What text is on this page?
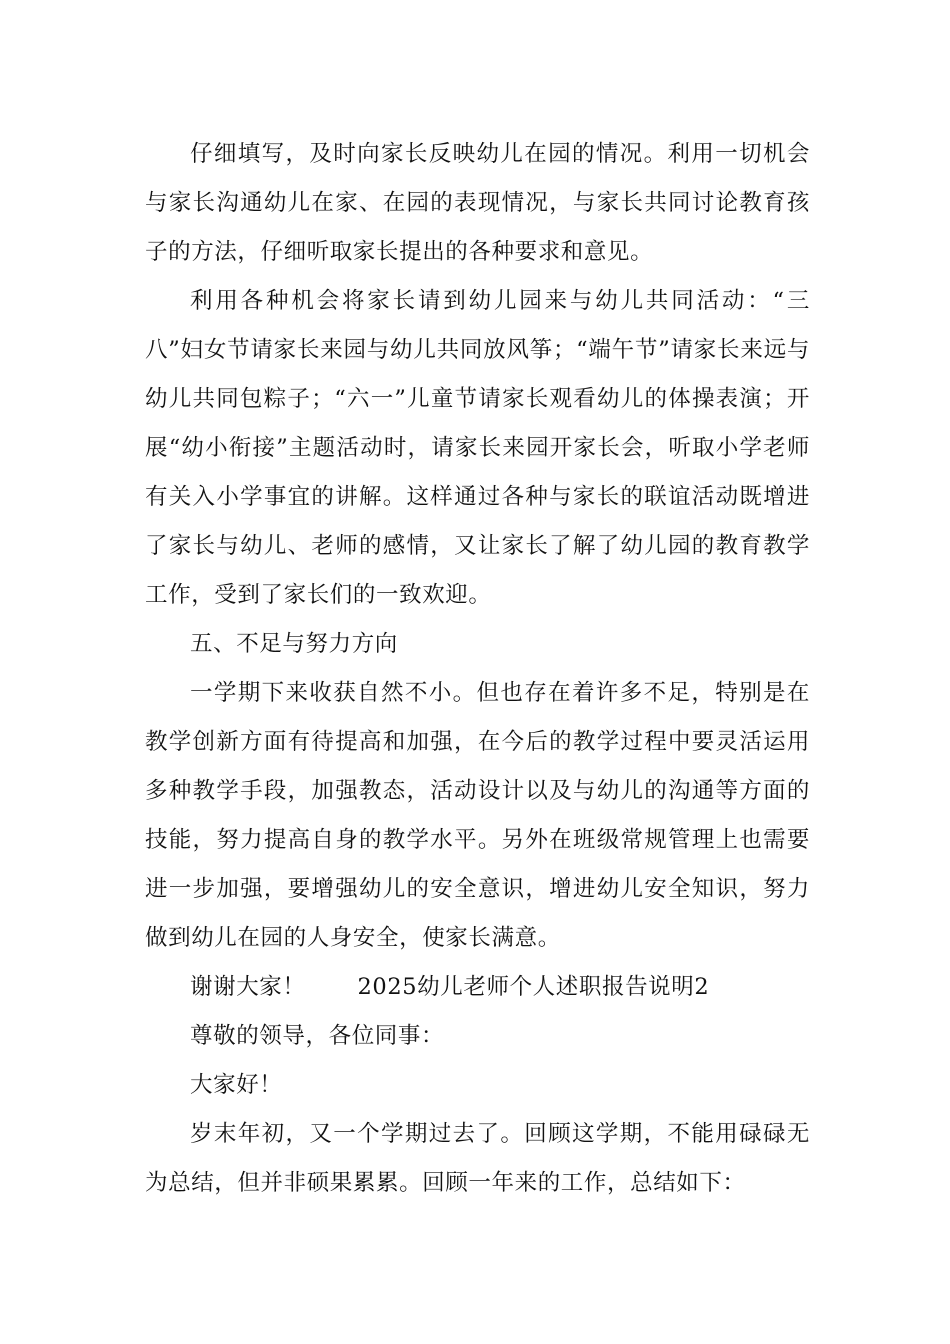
仔细填写，及时向家长反映幼儿在园的情况。利用一切机会与家长沟通幼儿在家、在园的表现情况，与家长共同讨论教育孩子的方法，仔细听取家长提出的各种要求和意见。

利用各种机会将家长请到幼儿园来与幼儿共同活动：“三八”妇女节请家长来园与幼儿共同放风筝；“端午节”请家长来远与幼儿共同包粽子；“六一”儿童节请家长观看幼儿的体操表演；开展“幼小衔接”主题活动时，请家长来园开家长会，听取小学老师有关入小学事宜的讲解。这样通过各种与家长的联谊活动既增进了家长与幼儿、老师的感情，又让家长了解了幼儿园的教育教学工作，受到了家长们的一致欢迎。

五、不足与努力方向

一学期下来收获自然不小。但也存在着许多不足，特别是在教学创新方面有待提高和加强，在今后的教学过程中要灵活运用多种教学手段，加强教态，活动设计以及与幼儿的沟通等方面的技能，努力提高自身的教学水平。另外在班级常规管理上也需要进一步加强，要增强幼儿的安全意识，增进幼儿安全知识，努力做到幼儿在园的人身安全，使家长满意。

谢谢大家！ 2025幼儿老师个人述职报告说明2

尊敬的领导，各位同事：

大家好！

岁末年初，又一个学期过去了。回顾这学期，不能用碌碌无为总结，但并非硕果累累。回顾一年来的工作，总结如下：
